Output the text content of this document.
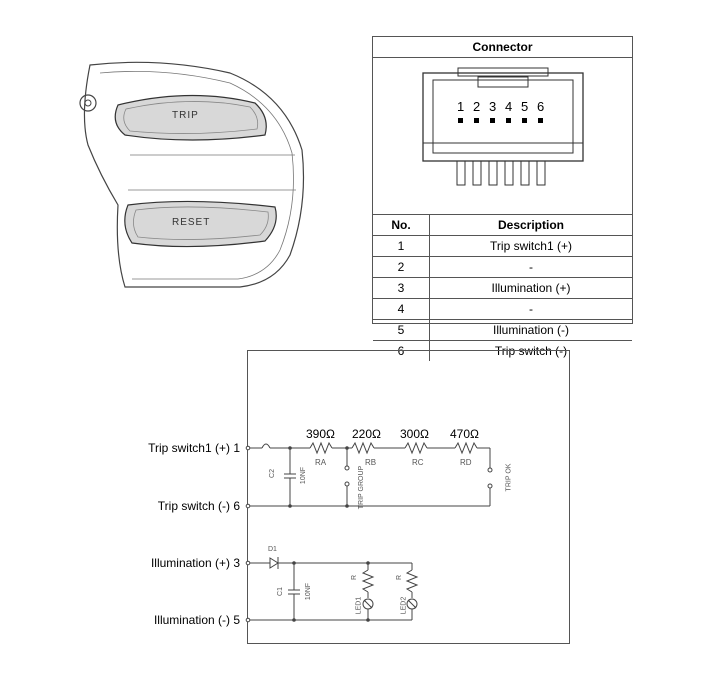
TRIP
RESET
Connector
1 2 3 4 5 6
No.	Description
1	Trip switch1 (+)
2	-
3	Illumination (+)
4	-
5	Illumination (-)
6	Trip switch (-)
Trip switch1 (+) 1
Trip switch (-) 6
Illumination (+) 3
Illumination (-) 5
390Ω 220Ω 300Ω 470Ω
RA	RB	RC	RD
C2	10NF	TRIP GROUP	TRIP OK
D1
C1	10NF
R	R
LED1	LED2
